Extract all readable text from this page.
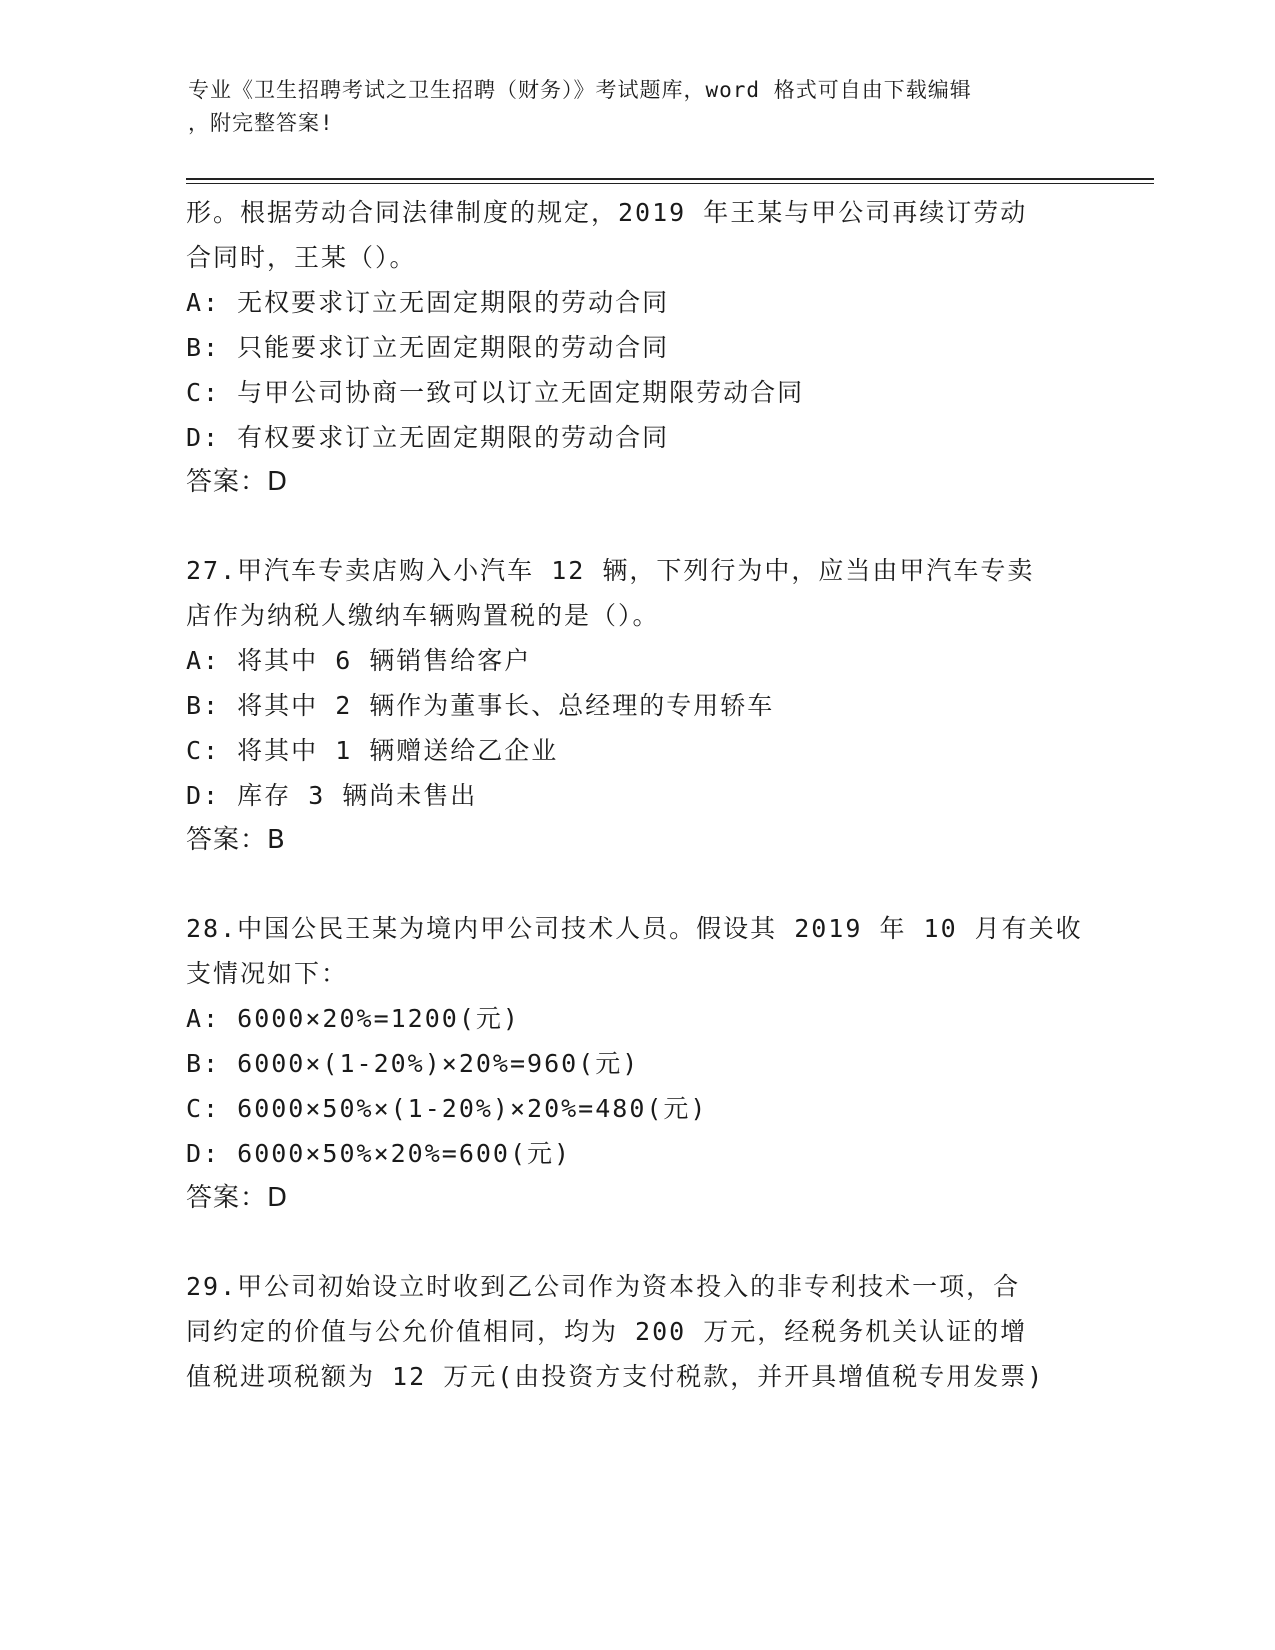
专业《卫生招聘考试之卫生招聘（财务）》考试题库，word 格式可自由下载编辑
，附完整答案!
形。根据劳动合同法律制度的规定，2019 年王某与甲公司再续订劳动
合同时，王某（）。
A: 无权要求订立无固定期限的劳动合同
B: 只能要求订立无固定期限的劳动合同
C: 与甲公司协商一致可以订立无固定期限劳动合同
D: 有权要求订立无固定期限的劳动合同
答案：D
27.甲汽车专卖店购入小汽车 12 辆，下列行为中，应当由甲汽车专卖
店作为纳税人缴纳车辆购置税的是（）。
A: 将其中 6 辆销售给客户
B: 将其中 2 辆作为董事长、总经理的专用轿车
C: 将其中 1 辆赠送给乙企业
D: 库存 3 辆尚未售出
答案：B
28.中国公民王某为境内甲公司技术人员。假设其 2019 年 10 月有关收
支情况如下：
A: 6000×20%=1200(元)
B: 6000×(1-20%)×20%=960(元)
C: 6000×50%×(1-20%)×20%=480(元)
D: 6000×50%×20%=600(元)
答案：D
29.甲公司初始设立时收到乙公司作为资本投入的非专利技术一项，合
同约定的价值与公允价值相同，均为 200 万元，经税务机关认证的增
值税进项税额为 12 万元(由投资方支付税款，并开具增值税专用发票)
